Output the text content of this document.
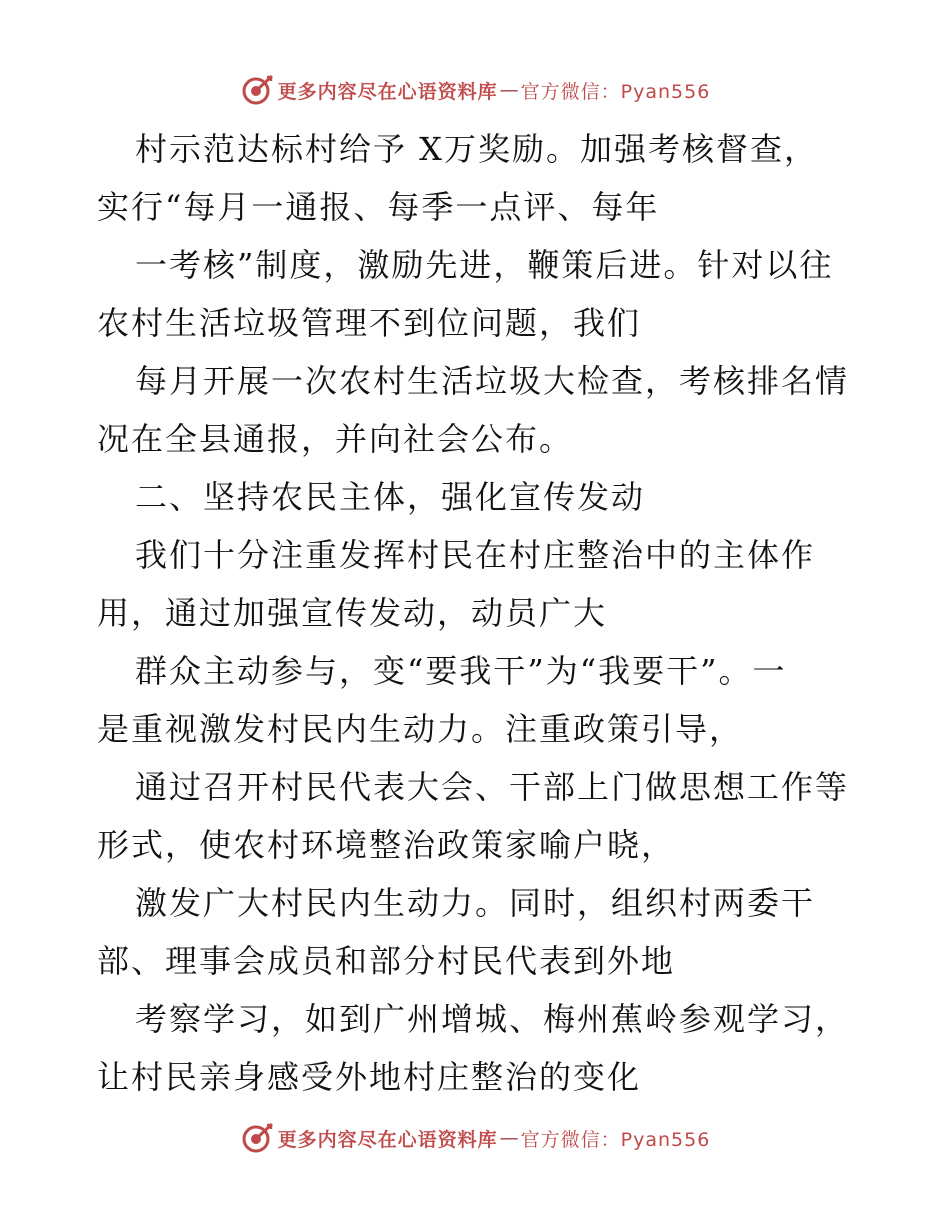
更多内容尽在心语资料库 — 官方微信：Pyan556
村示范达标村给予 X万奖励。加强考核督查，
实行“每月一通报、每季一点评、每年
一考核”制度，激励先进，鞭策后进。针对以往
农村生活垃圾管理不到位问题，我们
每月开展一次农村生活垃圾大检查，考核排名情
况在全县通报，并向社会公布。
二、坚持农民主体，强化宣传发动
我们十分注重发挥村民在村庄整治中的主体作
用，通过加强宣传发动，动员广大
群众主动参与，变“要我干”为“我要干”。一
是重视激发村民内生动力。注重政策引导，
通过召开村民代表大会、干部上门做思想工作等
形式，使农村环境整治政策家喻户晓，
激发广大村民内生动力。同时，组织村两委干
部、理事会成员和部分村民代表到外地
考察学习，如到广州增城、梅州蕉岭参观学习，
让村民亲身感受外地村庄整治的变化
更多内容尽在心语资料库 — 官方微信：Pyan556
